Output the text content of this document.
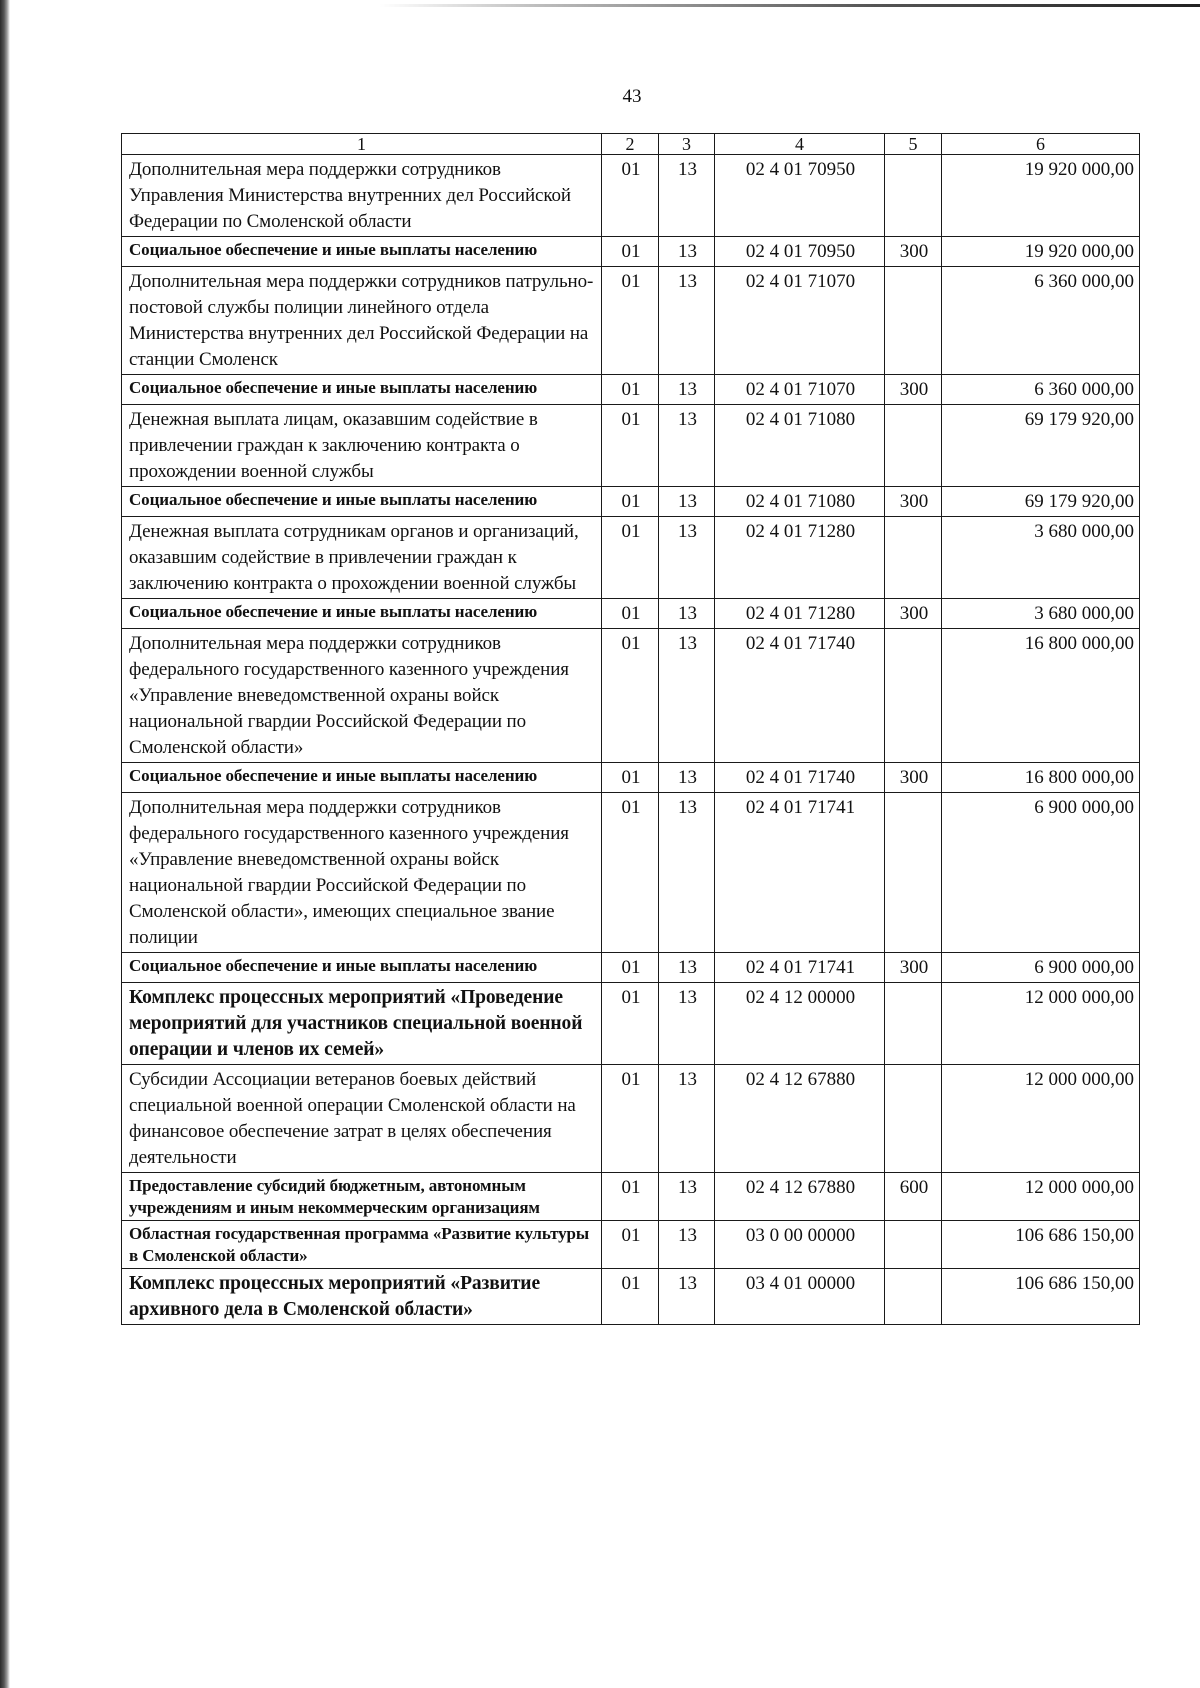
43
1	2	3	4	5	6
Дополнительная мера поддержки сотрудников Управления Министерства внутренних дел Российской Федерации по Смоленской области	01	13	02 4 01 70950		19 920 000,00
Социальное обеспечение и иные выплаты населению	01	13	02 4 01 70950	300	19 920 000,00
Дополнительная мера поддержки сотрудников патрульно-постовой службы полиции линейного отдела Министерства внутренних дел Российской Федерации на станции Смоленск	01	13	02 4 01 71070		6 360 000,00
Социальное обеспечение и иные выплаты населению	01	13	02 4 01 71070	300	6 360 000,00
Денежная выплата лицам, оказавшим содействие в привлечении граждан к заключению контракта о прохождении военной службы	01	13	02 4 01 71080		69 179 920,00
Социальное обеспечение и иные выплаты населению	01	13	02 4 01 71080	300	69 179 920,00
Денежная выплата сотрудникам органов и организаций, оказавшим содействие в привлечении граждан к заключению контракта о прохождении военной службы	01	13	02 4 01 71280		3 680 000,00
Социальное обеспечение и иные выплаты населению	01	13	02 4 01 71280	300	3 680 000,00
Дополнительная мера поддержки сотрудников федерального государственного казенного учреждения «Управление вневедомственной охраны войск национальной гвардии Российской Федерации по Смоленской области»	01	13	02 4 01 71740		16 800 000,00
Социальное обеспечение и иные выплаты населению	01	13	02 4 01 71740	300	16 800 000,00
Дополнительная мера поддержки сотрудников федерального государственного казенного учреждения «Управление вневедомственной охраны войск национальной гвардии Российской Федерации по Смоленской области», имеющих специальное звание полиции	01	13	02 4 01 71741		6 900 000,00
Социальное обеспечение и иные выплаты населению	01	13	02 4 01 71741	300	6 900 000,00
Комплекс процессных мероприятий «Проведение мероприятий для участников специальной военной операции и членов их семей»	01	13	02 4 12 00000		12 000 000,00
Субсидии Ассоциации ветеранов боевых действий специальной военной операции Смоленской области на финансовое обеспечение затрат в целях обеспечения деятельности	01	13	02 4 12 67880		12 000 000,00
Предоставление субсидий бюджетным, автономным учреждениям и иным некоммерческим организациям	01	13	02 4 12 67880	600	12 000 000,00
Областная государственная программа «Развитие культуры в Смоленской области»	01	13	03 0 00 00000		106 686 150,00
Комплекс процессных мероприятий «Развитие архивного дела в Смоленской области»	01	13	03 4 01 00000		106 686 150,00
